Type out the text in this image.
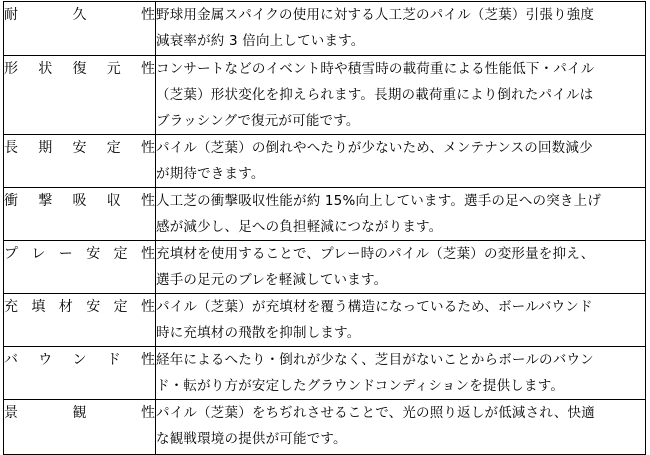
耐　　久　　性	野球用金属スパイクの使用に対する人工芝のパイル（芝葉）引張り強度
減衰率が約 3 倍向上しています。

形 状 復 元 性	コンサートなどのイベント時や積雪時の載荷重による性能低下・パイル
（芝葉）形状変化を抑えられます。長期の載荷重により倒れたパイルは
ブラッシングで復元が可能です。

長 期 安 定 性	パイル（芝葉）の倒れやへたりが少ないため、メンテナンスの回数減少
が期待できます。

衝 撃 吸 収 性	人工芝の衝撃吸収性能が約 15%向上しています。選手の足への突き上げ
感が減少し、足への負担軽減につながります。

プ レ ー 安 定 性	充填材を使用することで、プレー時のパイル（芝葉）の変形量を抑え、
選手の足元のブレを軽減しています。

充 填 材 安 定 性	パイル（芝葉）が充填材を覆う構造になっているため、ボールバウンド
時に充填材の飛散を抑制します。

バ ウ ン ド 性	経年によるへたり・倒れが少なく、芝目がないことからボールのバウン
ド・転がり方が安定したグラウンドコンディションを提供します。

景　　観　　性	パイル（芝葉）をちぢれさせることで、光の照り返しが低減され、快適
な観戦環境の提供が可能です。
